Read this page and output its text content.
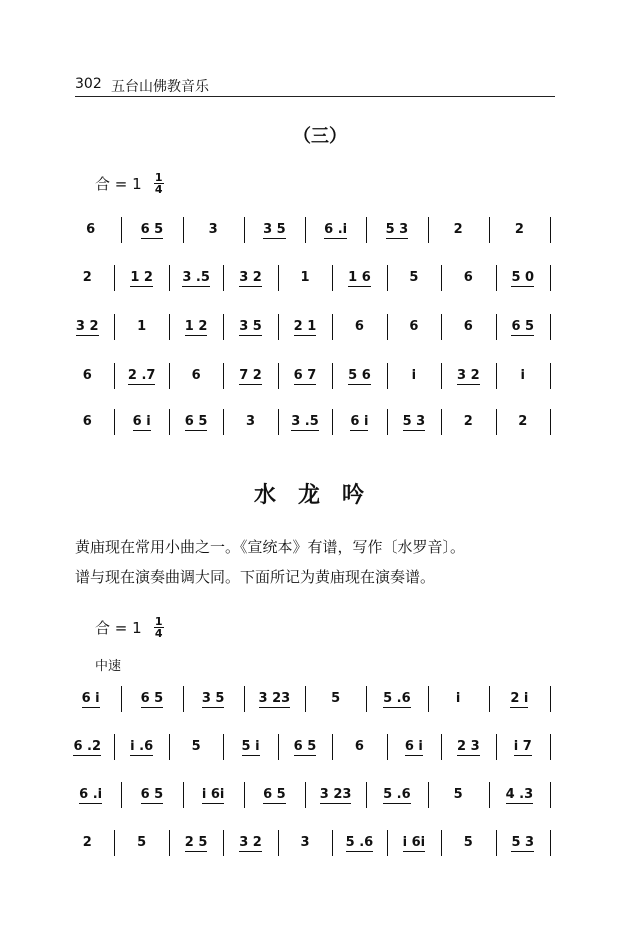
302 五台山佛教音乐
（三）
合 = $1 \frac{1}{4}$
6	6 5	3	3 5	6 .i	5 3	2	2
2	1 2	3 .5	3 2	1	1 6	5	6	5 0
3 2	1	1 2	3 5	2 1	6	6	6	6 5
6	2 .7	6	7 2	6 7	5 6	i	3 2	i
6	6 i	6 5	3	3 .5	6 i	5 3	2	2
水龙吟
黄庙现在常用小曲之一。《宣统本》有谱，写作〔水罗音〕。
谱与现在演奏曲调大同。下面所记为黄庙现在演奏谱。
合 = $1 \frac{1}{4}$
中速
6 i	6 5	3 5	3 23	5	5 .6	i	2 i
6 .2	i .6	5	5 i	6 5	6	6 i	2 3	i 7
6 .i	6 5	i 6i	6 5	3 23	5 .6	5	4 .3
2	5	2 5	3 2	3	5 .6	i 6i	5	5 3
